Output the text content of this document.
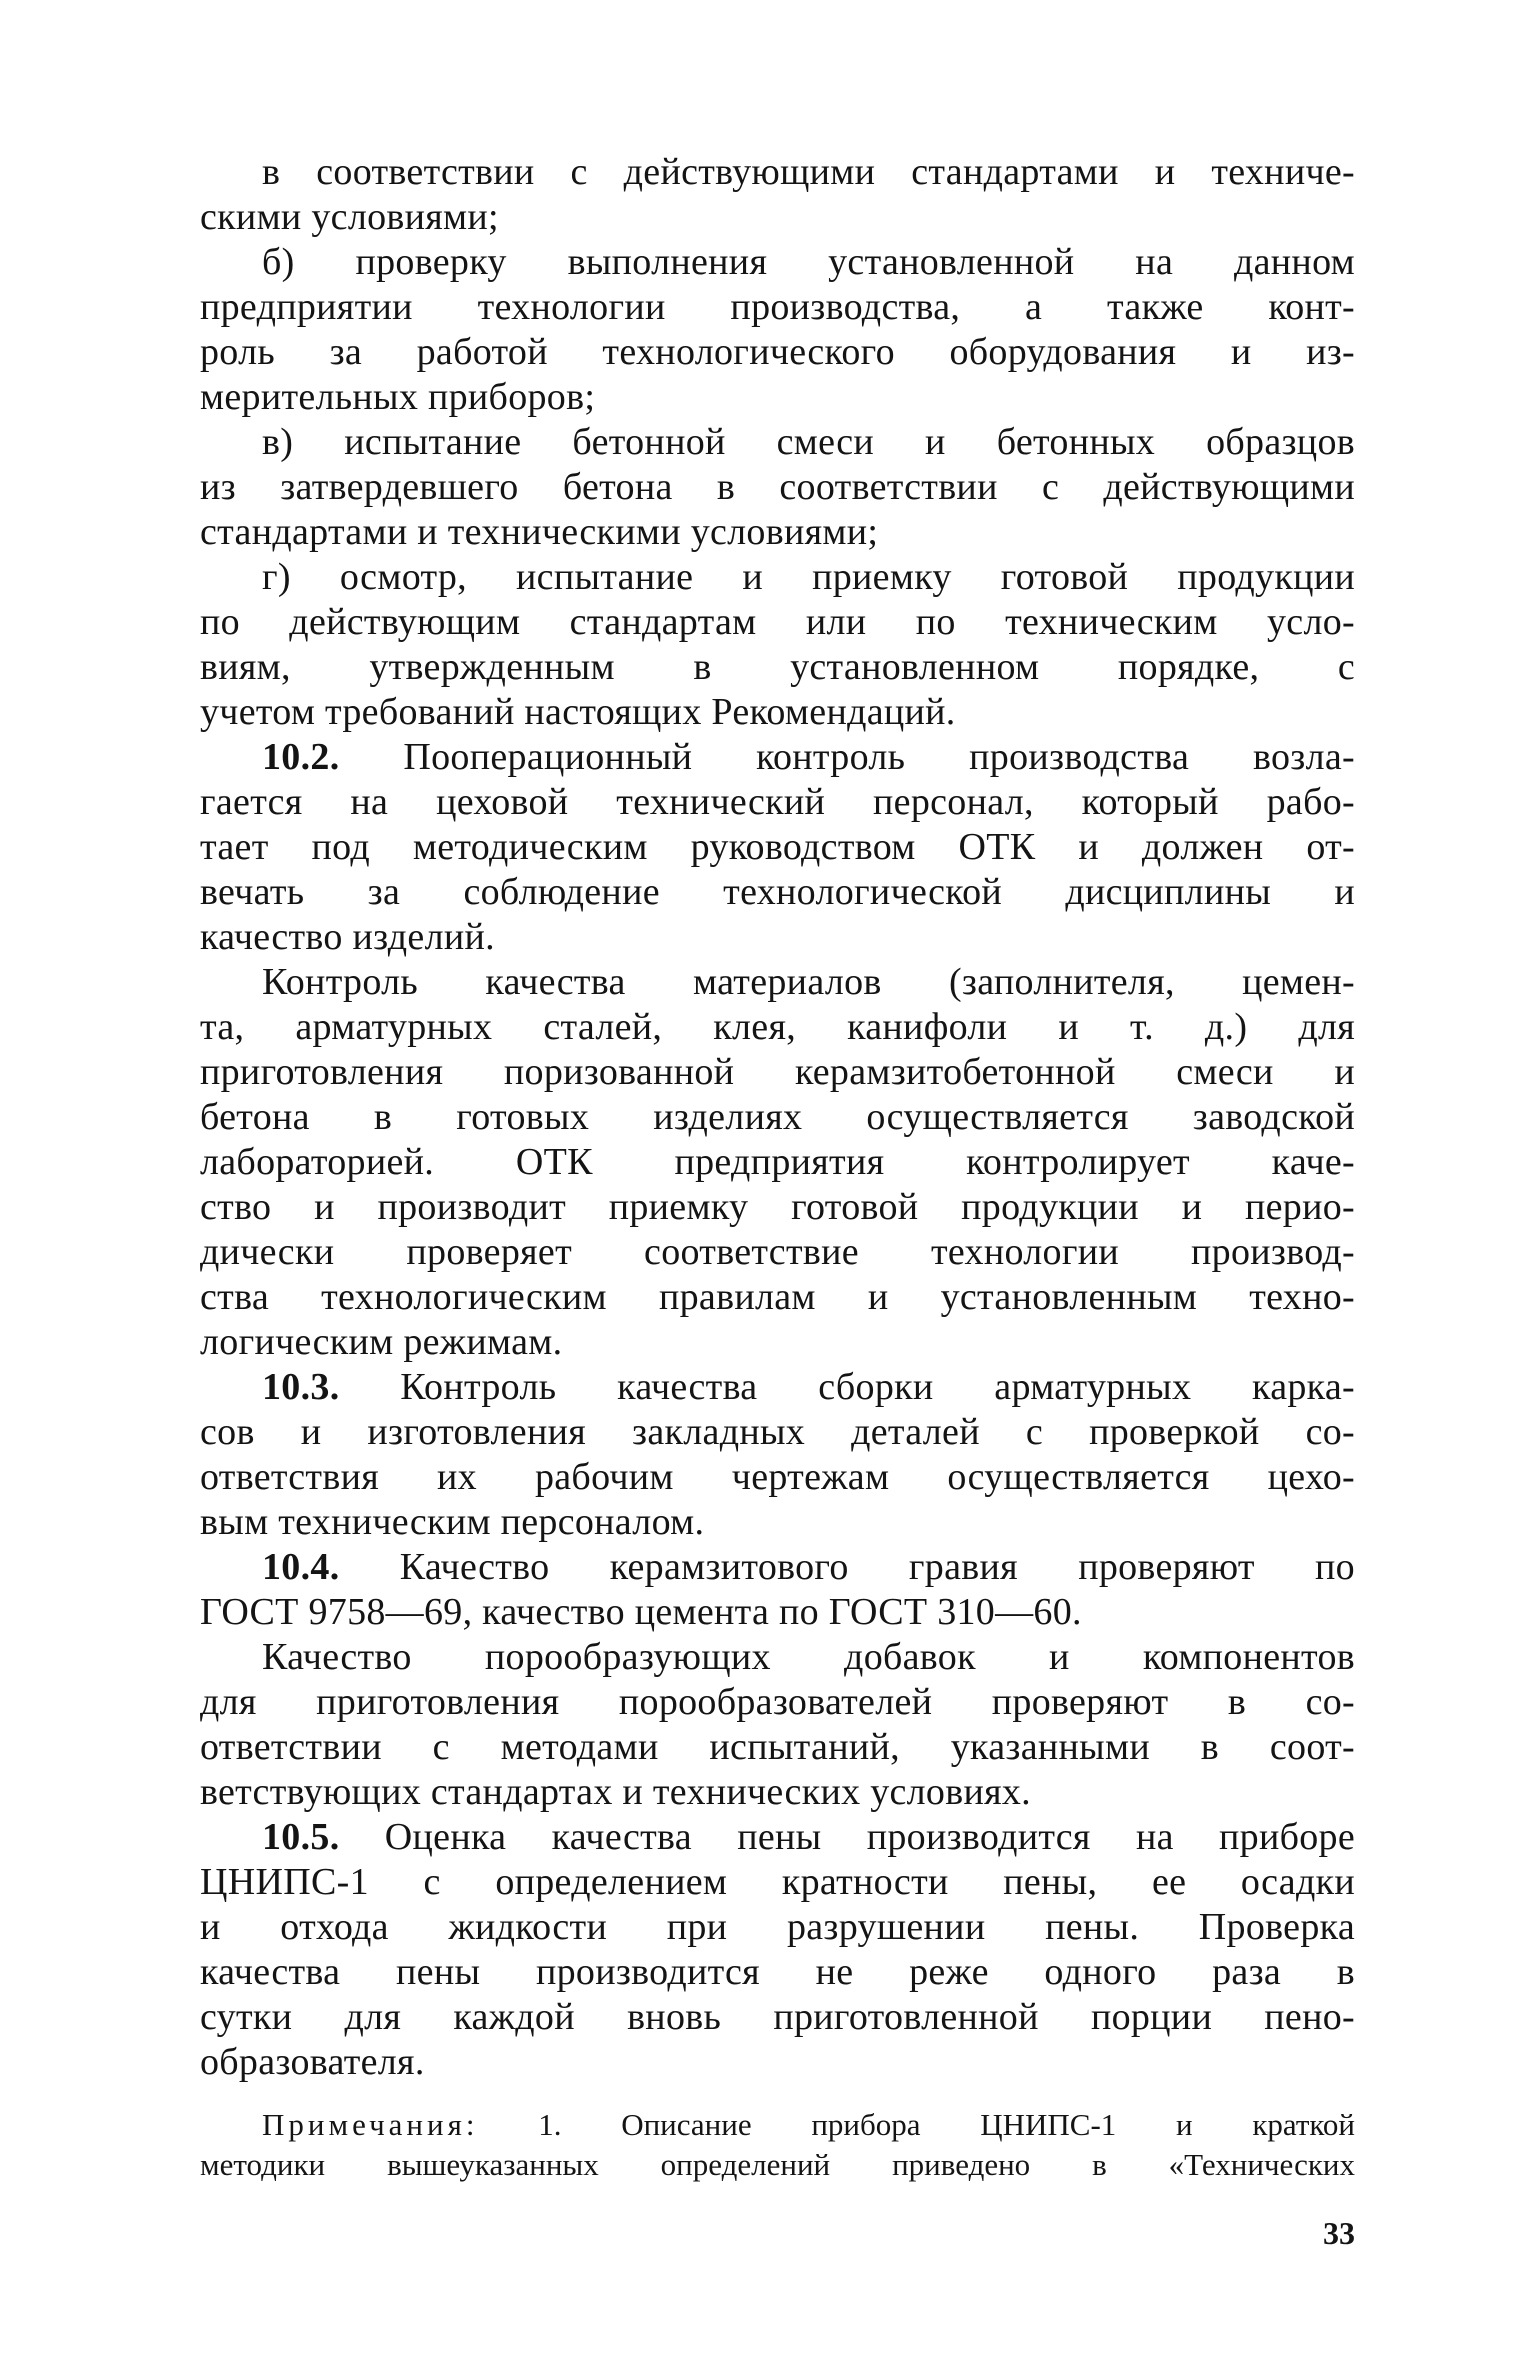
в соответствии с действующими стандартами и техниче-
скими условиями;
б) проверку выполнения установленной на данном
предприятии технологии производства, а также конт-
роль за работой технологического оборудования и из-
мерительных приборов;
в) испытание бетонной смеси и бетонных образцов
из затвердевшего бетона в соответствии с действующими
стандартами и техническими условиями;
г) осмотр, испытание и приемку готовой продукции
по действующим стандартам или по техническим усло-
виям, утвержденным в установленном порядке, с
учетом требований настоящих Рекомендаций.
10.2. Пооперационный контроль производства возла-
гается на цеховой технический персонал, который рабо-
тает под методическим руководством ОТК и должен от-
вечать за соблюдение технологической дисциплины и
качество изделий.
Контроль качества материалов (заполнителя, цемен-
та, арматурных сталей, клея, канифоли и т. д.) для
приготовления поризованной керамзитобетонной смеси и
бетона в готовых изделиях осуществляется заводской
лабораторией. ОТК предприятия контролирует каче-
ство и производит приемку готовой продукции и перио-
дически проверяет соответствие технологии производ-
ства технологическим правилам и установленным техно-
логическим режимам.
10.3. Контроль качества сборки арматурных карка-
сов и изготовления закладных деталей с проверкой со-
ответствия их рабочим чертежам осуществляется цехо-
вым техническим персоналом.
10.4. Качество керамзитового гравия проверяют по
ГОСТ 9758—69, качество цемента по ГОСТ 310—60.
Качество порообразующих добавок и компонентов
для приготовления порообразователей проверяют в со-
ответствии с методами испытаний, указанными в соот-
ветствующих стандартах и технических условиях.
10.5. Оценка качества пены производится на приборе
ЦНИПС-1 с определением кратности пены, ее осадки
и отхода жидкости при разрушении пены. Проверка
качества пены производится не реже одного раза в
сутки для каждой вновь приготовленной порции пено-
образователя.
Примечания: 1. Описание прибора ЦНИПС-1 и краткой
методики вышеуказанных определений приведено в «Технических
33
